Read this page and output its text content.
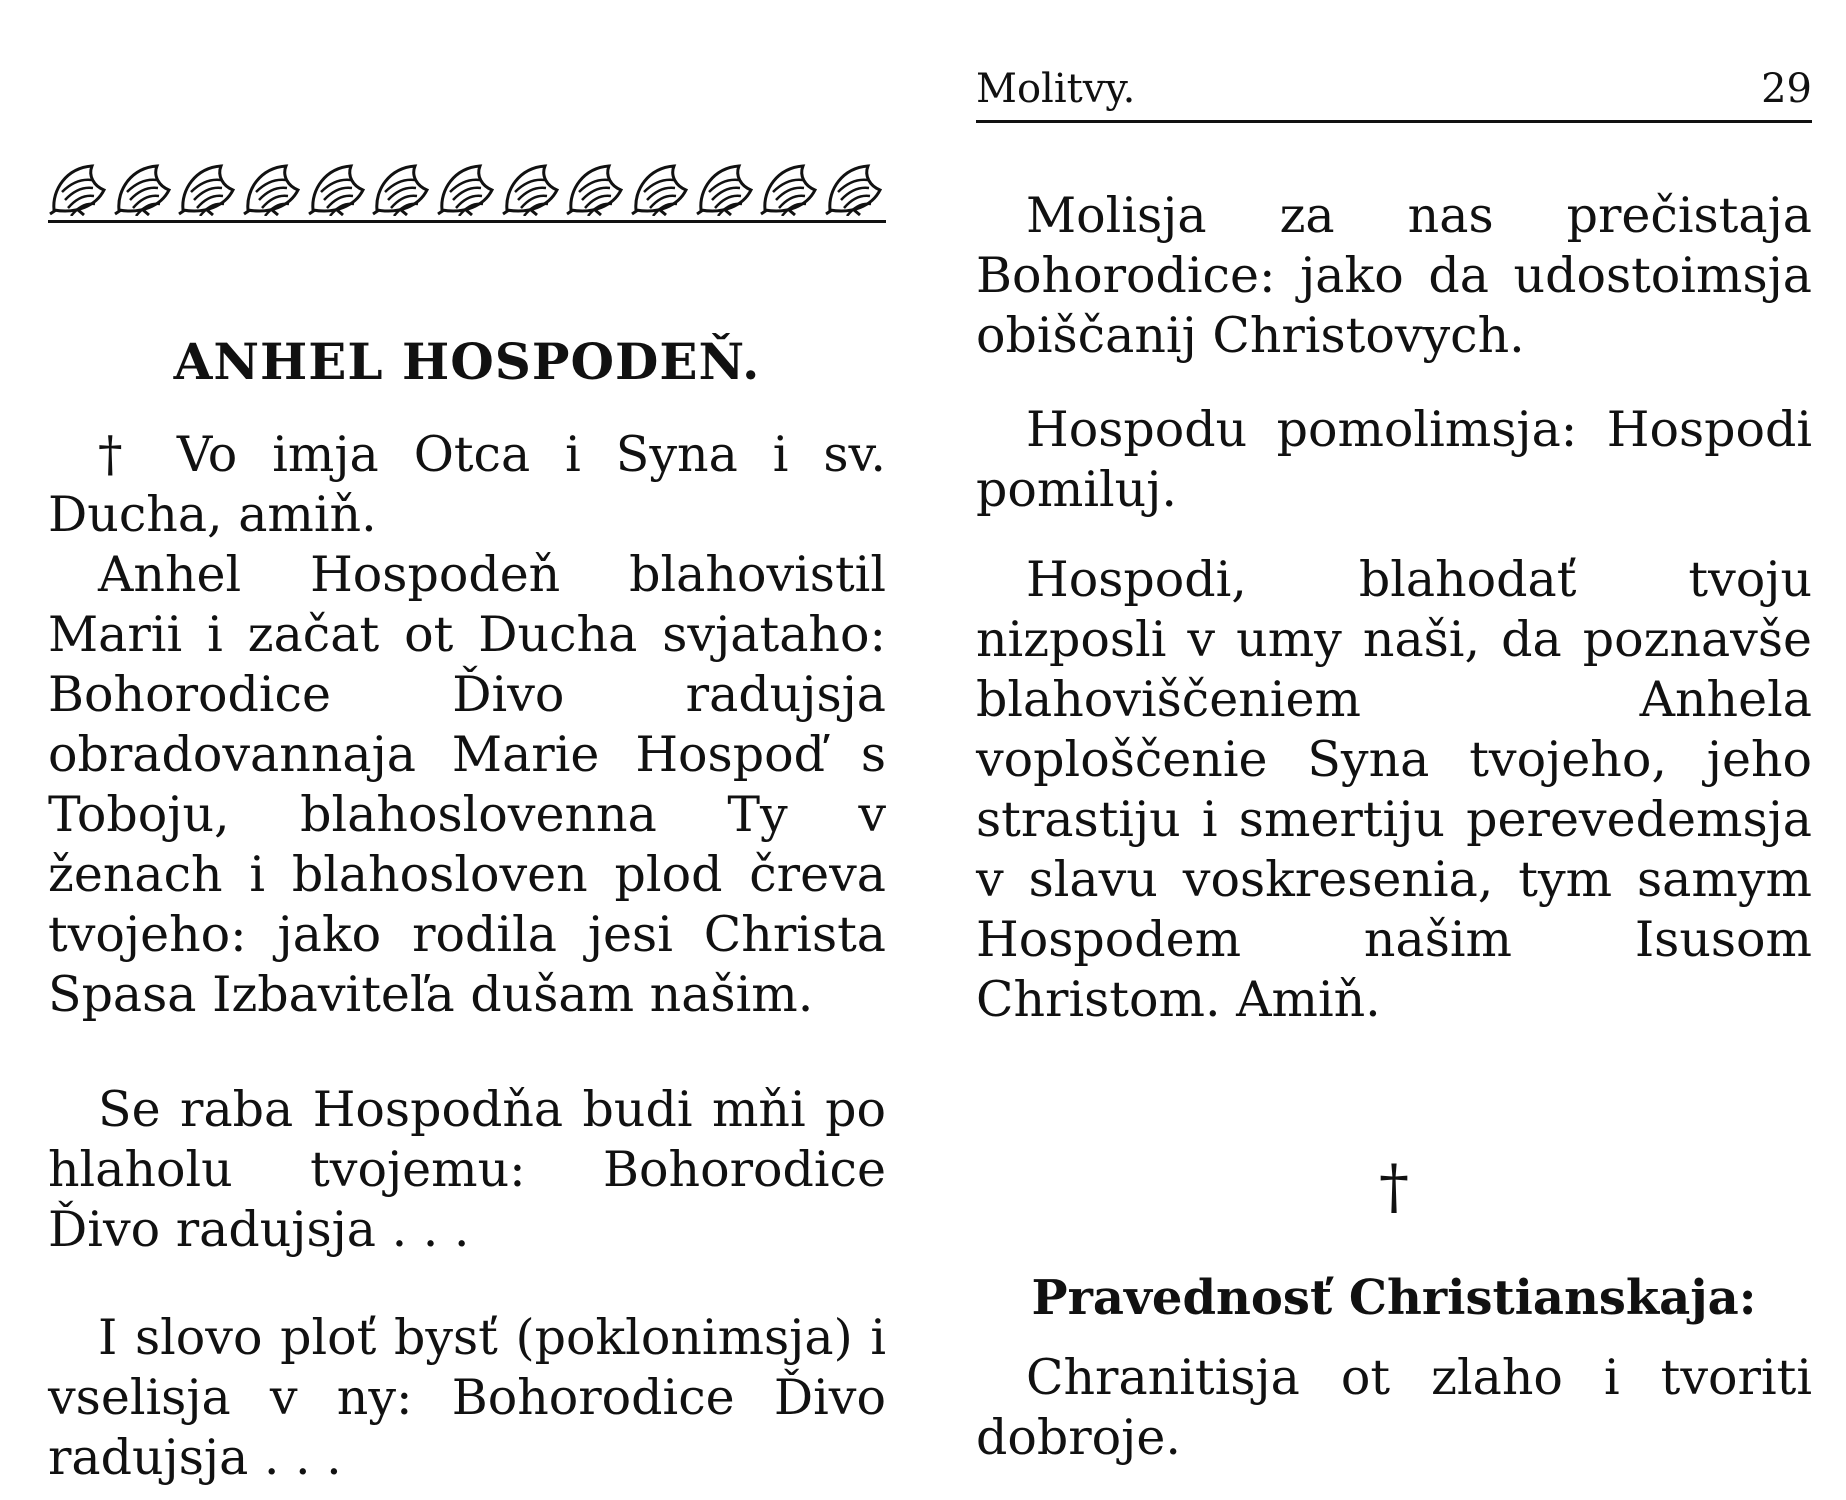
ANHEL HOSPODEŇ.

† Vo imja Otca i Syna i sv. Ducha, amiň.

Anhel Hospodeň blahovistil Marii i začat ot Ducha svjataho: Bohorodice Ďivo radujsja obradovannaja Marie Hospoď s Toboju, blahoslovenna Ty v ženach i blahosloven plod čreva tvojeho: jako rodila jesi Christa Spasa Izbaviteľa dušam našim.

Se raba Hospodňa budi mňi po hlaholu tvojemu: Bohorodice Ďivo radujsja . . .

I slovo ploť bysť (poklonimsja) i vselisja v ny: Bohorodice Ďivo radujsja . . .

Molitvy.	29

Molisja za nas prečistaja Bohorodice: jako da udostoimsja obiščanij Christovych.

Hospodu pomolimsja: Hospodi pomiluj.

Hospodi, blahodať tvoju nizposli v umy naši, da poznavše blahoviščeniem Anhela voploščenie Syna tvojeho, jeho strastiju i smertiju perevedemsja v slavu voskresenia, tym samym Hospodem našim Isusom Christom. Amiň.

†
Pravednosť Christianskaja:

Chranitisja ot zlaho i tvoriti dobroje.
